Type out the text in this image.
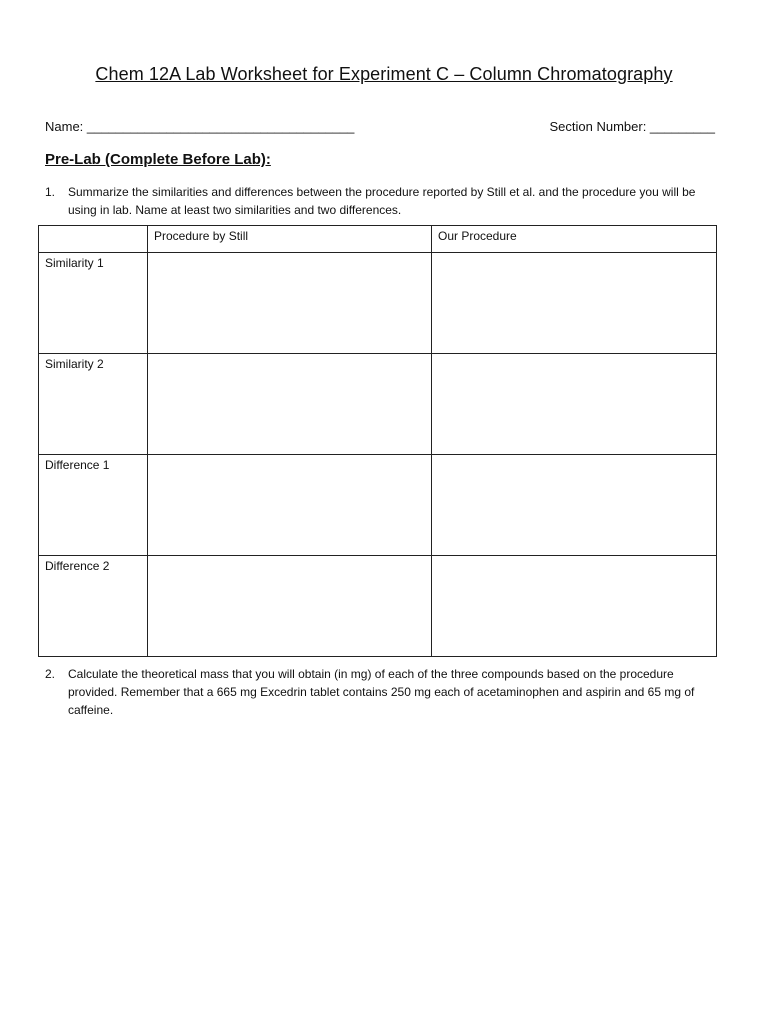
Chem 12A Lab Worksheet for Experiment C – Column Chromatography
Name: _____________________________________	Section Number: _________
Pre-Lab (Complete Before Lab):
1.	Summarize the similarities and differences between the procedure reported by Still et al. and the procedure you will be using in lab. Name at least two similarities and two differences.
	Procedure by Still	Our Procedure
Similarity 1		
Similarity 2		
Difference 1		
Difference 2		
2.	Calculate the theoretical mass that you will obtain (in mg) of each of the three compounds based on the procedure provided. Remember that a 665 mg Excedrin tablet contains 250 mg each of acetaminophen and aspirin and 65 mg of caffeine.
